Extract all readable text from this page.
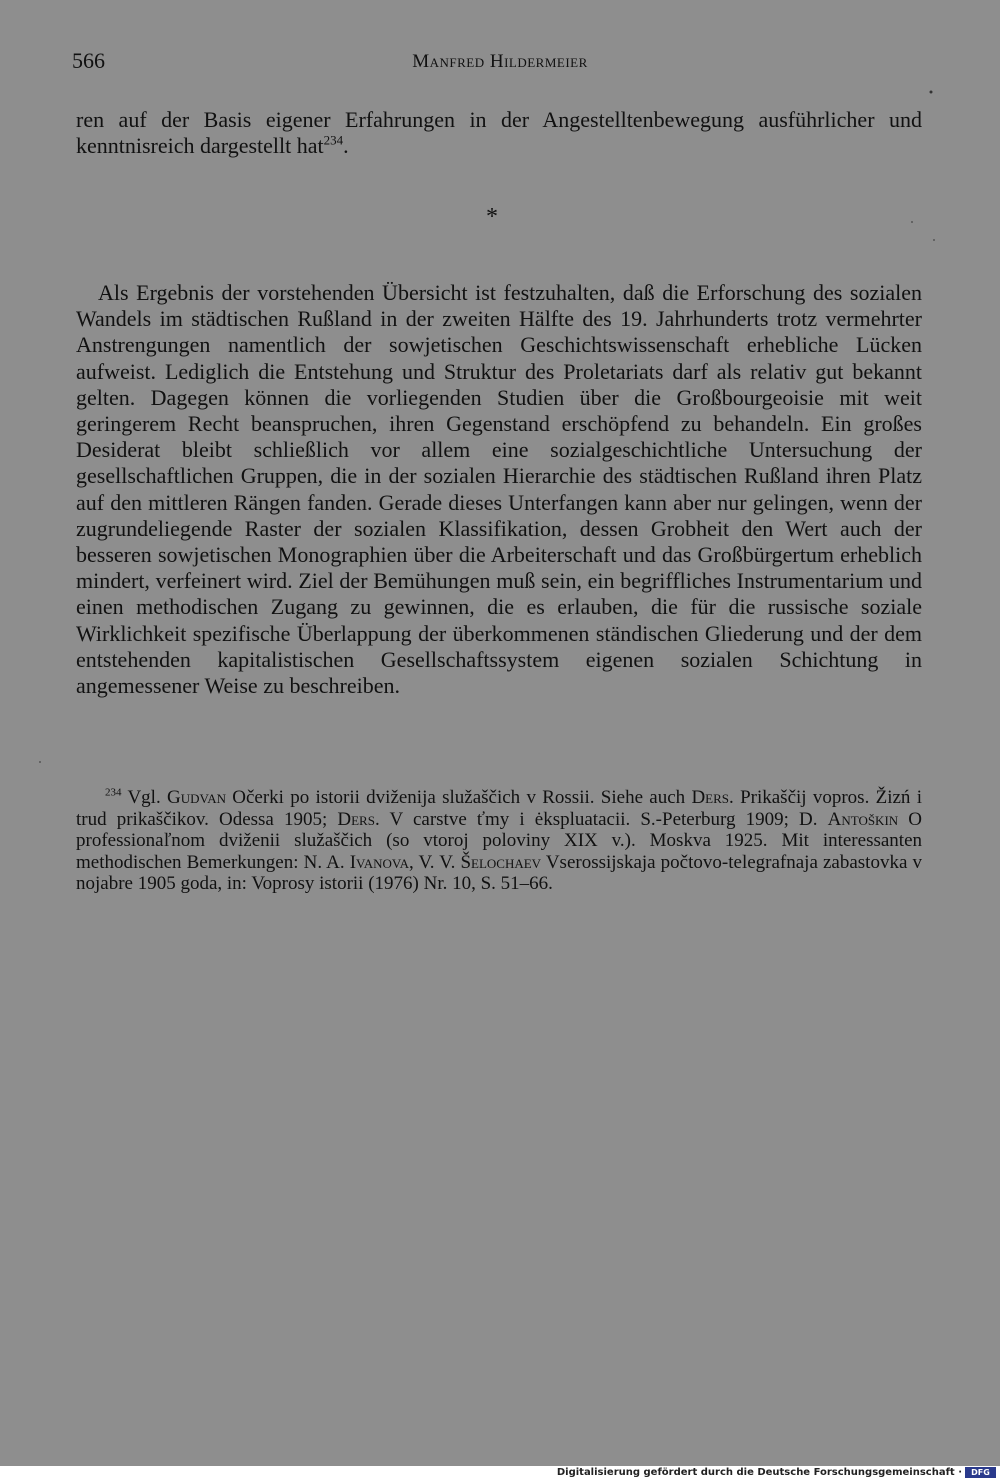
566	Manfred Hildermeier

ren auf der Basis eigener Erfahrungen in der Angestelltenbewegung ausführlicher und kenntnisreich dargestellt hat$^{234}$.

*

Als Ergebnis der vorstehenden Übersicht ist festzuhalten, daß die Erforschung des sozialen Wandels im städtischen Rußland in der zweiten Hälfte des 19. Jahrhunderts trotz vermehrter Anstrengungen namentlich der sowjetischen Geschichtswissenschaft erhebliche Lücken aufweist. Lediglich die Entstehung und Struktur des Proletariats darf als relativ gut bekannt gelten. Dagegen können die vorliegenden Studien über die Großbourgeoisie mit weit geringerem Recht beanspruchen, ihren Gegenstand erschöpfend zu behandeln. Ein großes Desiderat bleibt schließlich vor allem eine sozialgeschichtliche Untersuchung der gesellschaftlichen Gruppen, die in der sozialen Hierarchie des städtischen Rußland ihren Platz auf den mittleren Rängen fanden. Gerade dieses Unterfangen kann aber nur gelingen, wenn der zugrundeliegende Raster der sozialen Klassifikation, dessen Grobheit den Wert auch der besseren sowjetischen Monographien über die Arbeiterschaft und das Großbürgertum erheblich mindert, verfeinert wird. Ziel der Bemühungen muß sein, ein begriffliches Instrumentarium und einen methodischen Zugang zu gewinnen, die es erlauben, die für die russische soziale Wirklichkeit spezifische Überlappung der überkommenen ständischen Gliederung und der dem entstehenden kapitalistischen Gesellschaftssystem eigenen sozialen Schichtung in angemessener Weise zu beschreiben.

$^{234}$ Vgl. Gudvan Očerki po istorii dviženija služaščich v Rossii. Siehe auch Ders. Prikaščij vopros. Žizń i trud prikaščikov. Odessa 1905; Ders. V carstve ťmy i ėkspluatacii. S.-Peterburg 1909; D. Antoškin O professionaľnom dviženii služaščich (so vtoroj poloviny XIX v.). Moskva 1925. Mit interessanten methodischen Bemerkungen: N. A. Ivanova, V. V. Šelochaev Vserossijskaja počtovo-telegrafnaja zabastovka v nojabre 1905 goda, in: Voprosy istorii (1976) Nr. 10, S. 51–66.

Digitalisierung gefördert durch die Deutsche Forschungsgemeinschaft ·	DFG
